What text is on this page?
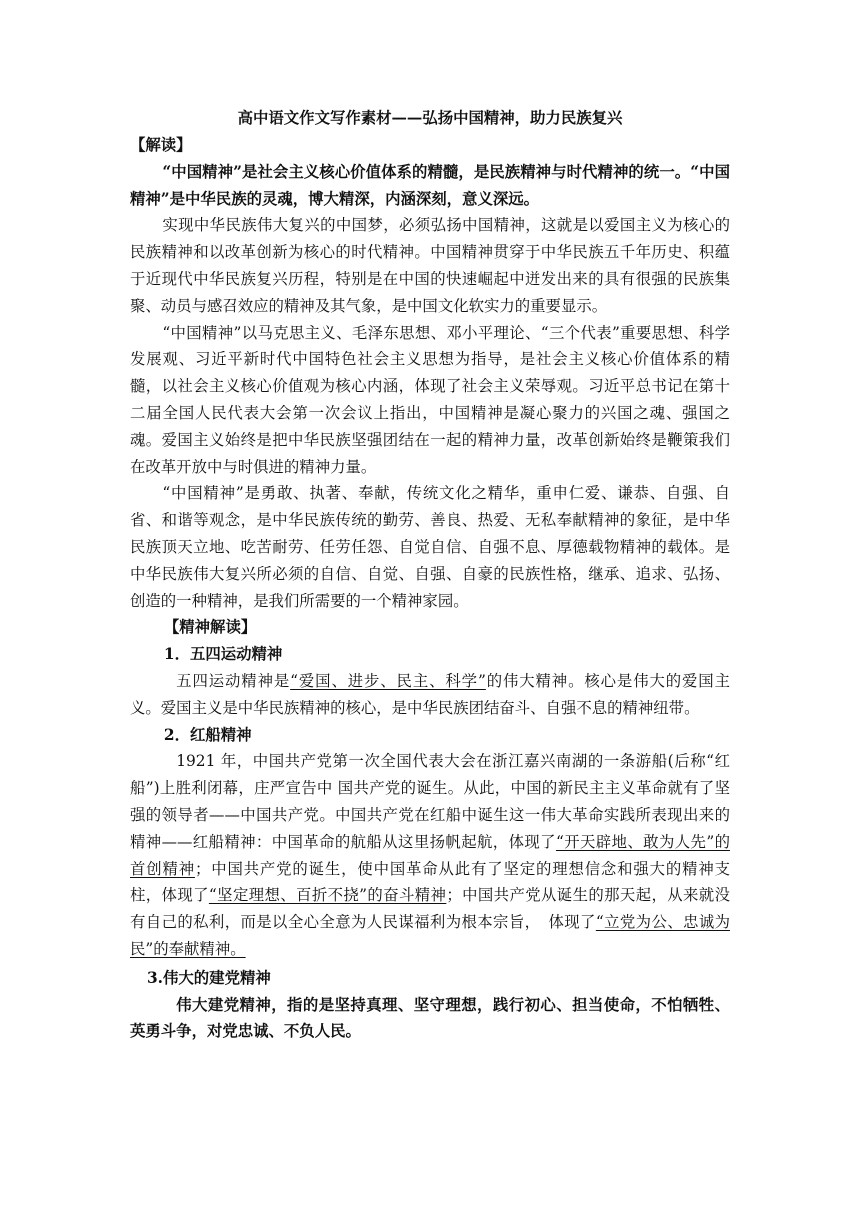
高中语文作文写作素材——弘扬中国精神，助力民族复兴
【解读】

“中国精神”是社会主义核心价值体系的精髓，是民族精神与时代精神的统一。“中国精神”是中华民族的灵魂，博大精深，内涵深刻，意义深远。

实现中华民族伟大复兴的中国梦，必须弘扬中国精神，这就是以爱国主义为核心的民族精神和以改革创新为核心的时代精神。中国精神贯穿于中华民族五千年历史、积蕴于近现代中华民族复兴历程，特别是在中国的快速崛起中迸发出来的具有很强的民族集聚、动员与感召效应的精神及其气象，是中国文化软实力的重要显示。

“中国精神”以马克思主义、毛泽东思想、邓小平理论、“三个代表”重要思想、科学发展观、习近平新时代中国特色社会主义思想为指导，是社会主义核心价值体系的精髓，以社会主义核心价值观为核心内涵，体现了社会主义荣辱观。习近平总书记在第十二届全国人民代表大会第一次会议上指出，中国精神是凝心聚力的兴国之魂、强国之魂。爱国主义始终是把中华民族坚强团结在一起的精神力量，改革创新始终是鞭策我们在改革开放中与时俱进的精神力量。

“中国精神”是勇敢、执著、奉献，传统文化之精华，重申仁爱、谦恭、自强、自省、和谐等观念，是中华民族传统的勤劳、善良、热爱、无私奉献精神的象征，是中华民族顶天立地、吃苦耐劳、任劳任怨、自觉自信、自强不息、厚德载物精神的载体。是中华民族伟大复兴所必须的自信、自觉、自强、自豪的民族性格，继承、追求、弘扬、创造的一种精神，是我们所需要的一个精神家园。

【精神解读】
1．五四运动精神

五四运动精神是“爱国、进步、民主、科学”的伟大精神。核心是伟大的爱国主义。爱国主义是中华民族精神的核心，是中华民族团结奋斗、自强不息的精神纽带。

2．红船精神

1921 年，中国共产党第一次全国代表大会在浙江嘉兴南湖的一条游船(后称“红船”)上胜利闭幕，庄严宣告中 国共产党的诞生。从此，中国的新民主主义革命就有了坚强的领导者——中国共产党。中国共产党在红船中诞生这一伟大革命实践所表现出来的精神——红船精神：中国革命的航船从这里扬帆起航，体现了“开天辟地、敢为人先”的 首创精神；中国共产党的诞生，使中国革命从此有了坚定的理想信念和强大的精神支柱，体现了“坚定理想、百折不挠”的奋斗精神；中国共产党从诞生的那天起，从来就没有自己的私利，而是以全心全意为人民谋福利为根本宗旨，　体现了“立党为公、忠诚为民”的奉献精神。

3.伟大的建党精神

伟大建党精神，指的是坚持真理、坚守理想，践行初心、担当使命，不怕牺牲、英勇斗争，对党忠诚、不负人民。
